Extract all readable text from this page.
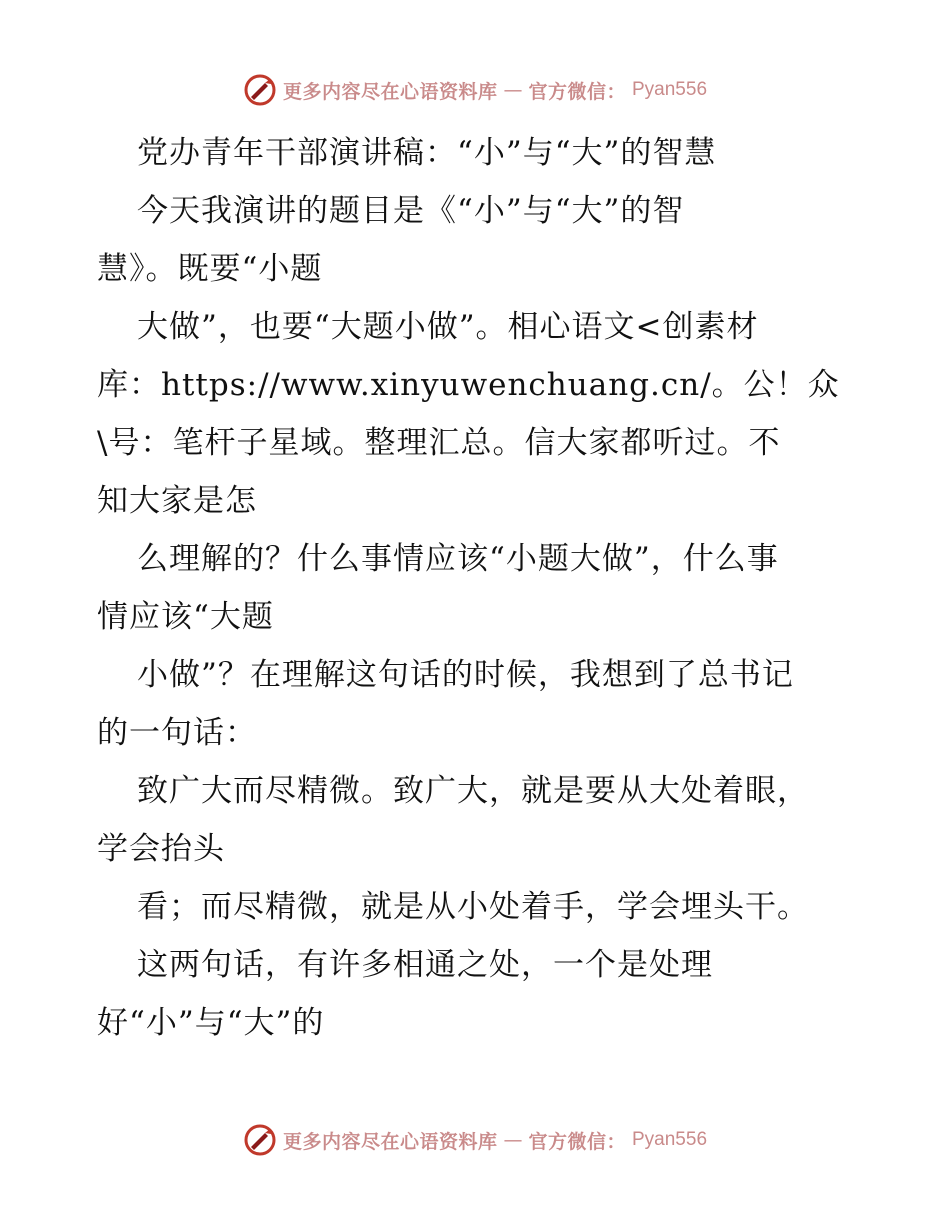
更多内容尽在心语资料库 — 官方微信： Pyan556
党办青年干部演讲稿：“小”与“大”的智慧
今天我演讲的题目是《“小”与“大”的智
慧》。既要“小题
大做”，也要“大题小做”。相心语文<创素材
库：https://www.xinyuwenchuang.cn/。公！众
\号：笔杆子星域。整理汇总。信大家都听过。不
知大家是怎
么理解的？什么事情应该“小题大做”，什么事
情应该“大题
小做”？在理解这句话的时候，我想到了总书记
的一句话：
致广大而尽精微。致广大，就是要从大处着眼，
学会抬头
看；而尽精微，就是从小处着手，学会埋头干。
这两句话，有许多相通之处，一个是处理
好“小”与“大”的
更多内容尽在心语资料库 — 官方微信： Pyan556
